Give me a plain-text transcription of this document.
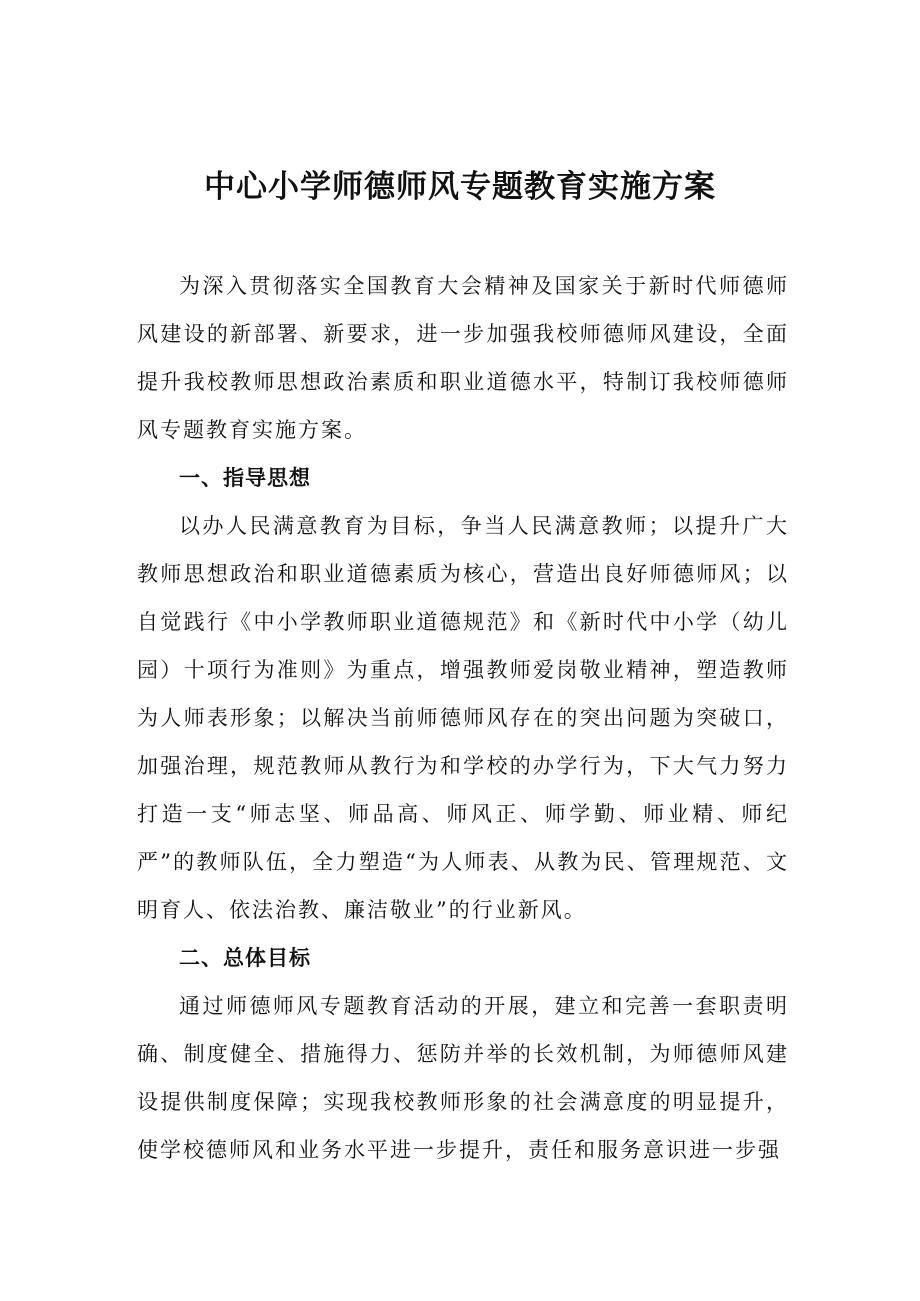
中心小学师德师风专题教育实施方案

为深入贯彻落实全国教育大会精神及国家关于新时代师德师风建设的新部署、新要求，进一步加强我校师德师风建设，全面提升我校教师思想政治素质和职业道德水平，特制订我校师德师风专题教育实施方案。

一、指导思想

以办人民满意教育为目标，争当人民满意教师；以提升广大教师思想政治和职业道德素质为核心，营造出良好师德师风；以自觉践行《中小学教师职业道德规范》和《新时代中小学（幼儿园）十项行为准则》为重点，增强教师爱岗敬业精神，塑造教师为人师表形象；以解决当前师德师风存在的突出问题为突破口，加强治理，规范教师从教行为和学校的办学行为，下大气力努力打造一支“师志坚、师品高、师风正、师学勤、师业精、师纪严”的教师队伍，全力塑造“为人师表、从教为民、管理规范、文明育人、依法治教、廉洁敬业”的行业新风。

二、总体目标

通过师德师风专题教育活动的开展，建立和完善一套职责明确、制度健全、措施得力、惩防并举的长效机制，为师德师风建设提供制度保障；实现我校教师形象的社会满意度的明显提升，使学校德师风和业务水平进一步提升，责任和服务意识进一步强
